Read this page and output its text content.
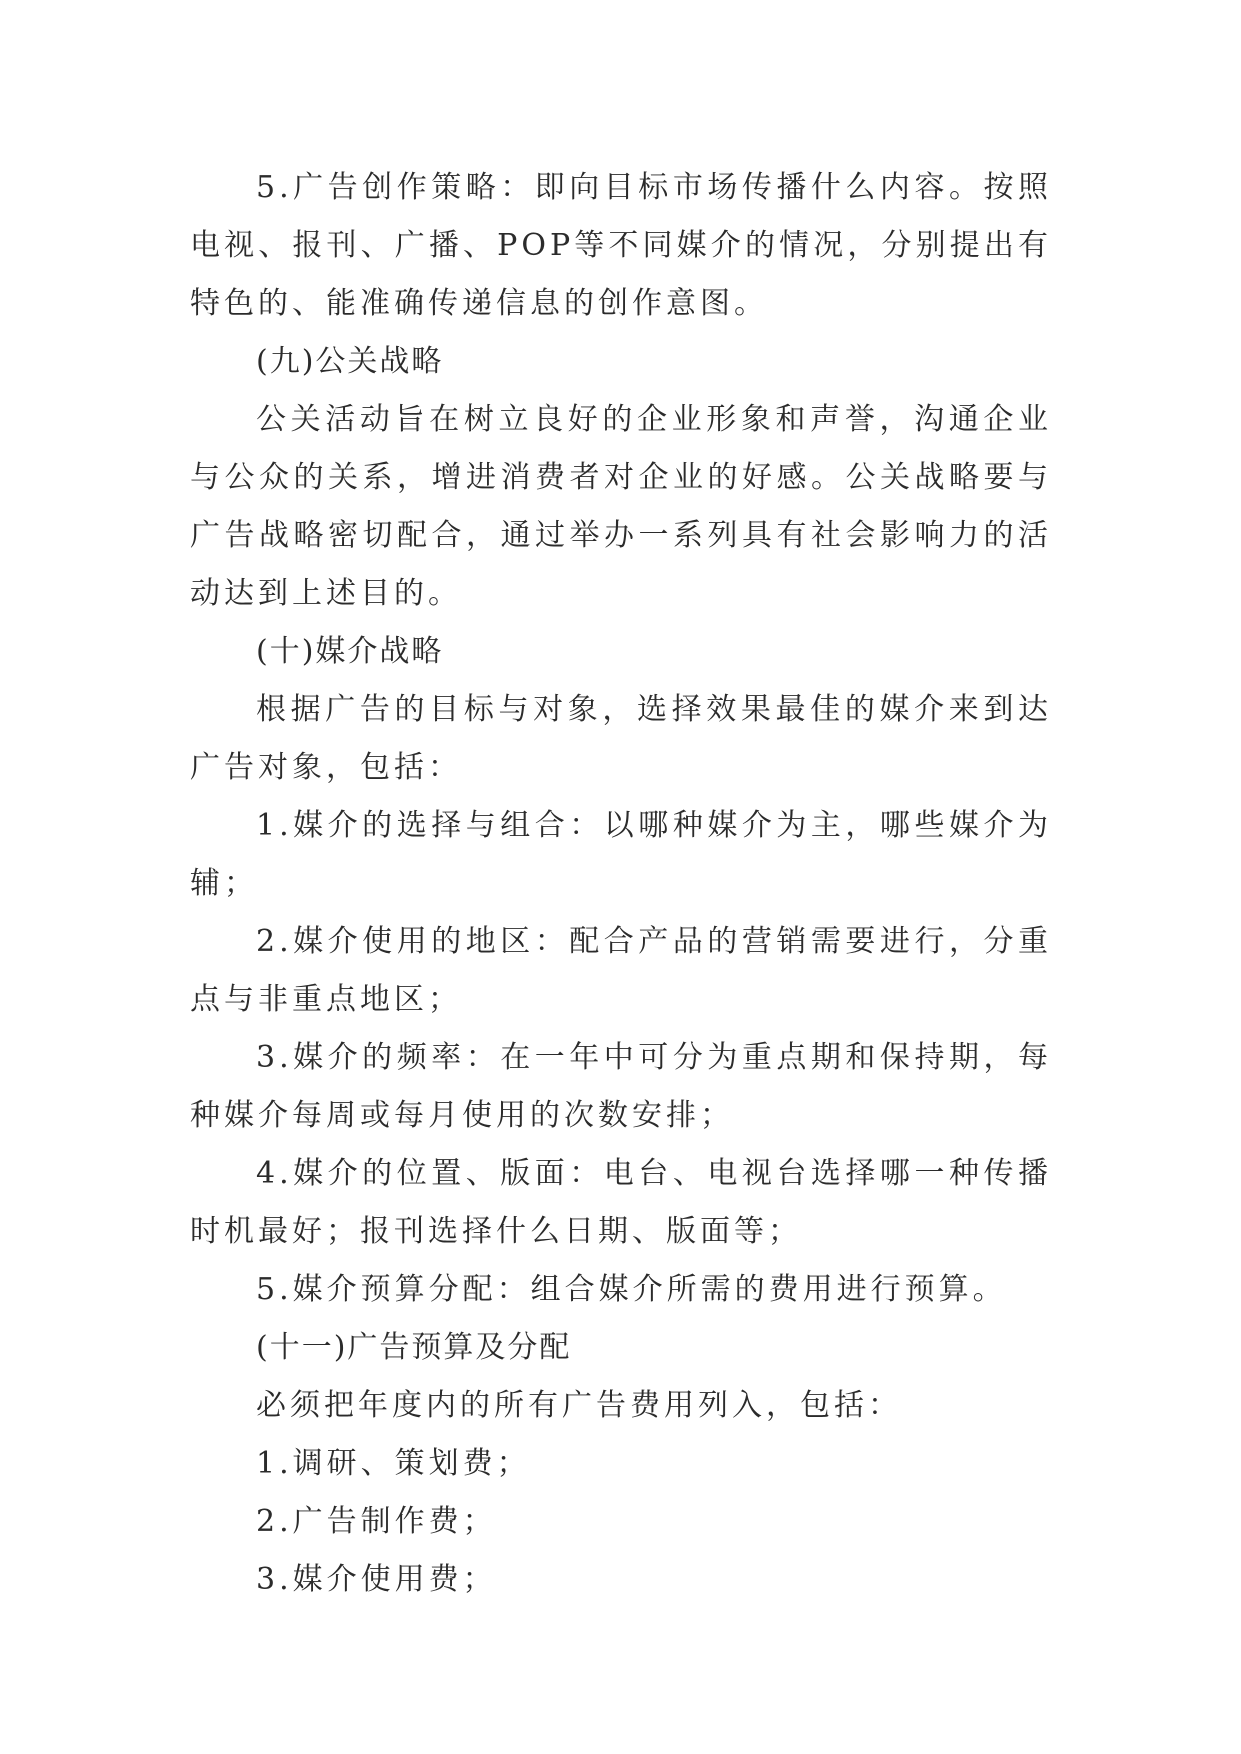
5.广告创作策略：即向目标市场传播什么内容。按照电视、报刊、广播、POP等不同媒介的情况，分别提出有特色的、能准确传递信息的创作意图。

(九)公关战略

公关活动旨在树立良好的企业形象和声誉，沟通企业与公众的关系，增进消费者对企业的好感。公关战略要与广告战略密切配合，通过举办一系列具有社会影响力的活动达到上述目的。

(十)媒介战略

根据广告的目标与对象，选择效果最佳的媒介来到达广告对象，包括：

1.媒介的选择与组合：以哪种媒介为主，哪些媒介为辅；

2.媒介使用的地区：配合产品的营销需要进行，分重点与非重点地区；

3.媒介的频率：在一年中可分为重点期和保持期，每种媒介每周或每月使用的次数安排；

4.媒介的位置、版面：电台、电视台选择哪一种传播时机最好；报刊选择什么日期、版面等；

5.媒介预算分配：组合媒介所需的费用进行预算。

(十一)广告预算及分配

必须把年度内的所有广告费用列入，包括：

1.调研、策划费；

2.广告制作费；

3.媒介使用费；
